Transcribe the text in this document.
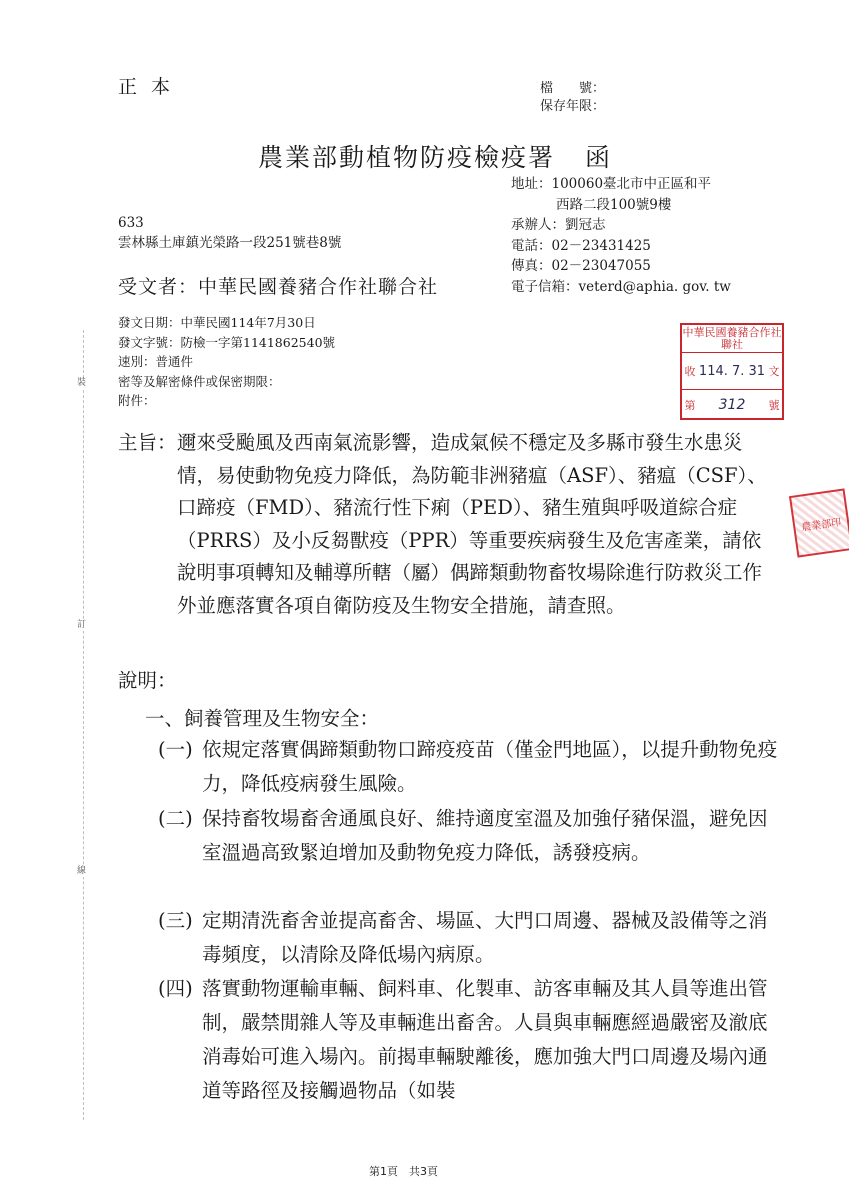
正本	檔　　號：
保存年限：
農業部動植物防疫檢疫署 函
地址：100060臺北市中正區和平
西路二段100號9樓
承辦人：劉冠志
電話：02－23431425
傳真：02－23047055
電子信箱：veterd@aphia. gov. tw
633
雲林縣土庫鎮光榮路一段251號巷8號
受文者：中華民國養豬合作社聯合社
發文日期：中華民國114年7月30日
發文字號：防檢一字第1141862540號
速別：普通件
密等及解密條件或保密期限：
附件：
中華民國養豬合作社聯社
收 114. 7. 31 文
第	312	號
農業部印
裝
訂
線
主旨： 邇來受颱風及西南氣流影響，造成氣候不穩定及多縣市發生水患災情，易使動物免疫力降低，為防範非洲豬瘟（ASF）、豬瘟（CSF）、口蹄疫（FMD）、豬流行性下痢（PED）、豬生殖與呼吸道綜合症（PRRS）及小反芻獸疫（PPR）等重要疾病發生及危害產業，請依說明事項轉知及輔導所轄（屬）偶蹄類動物畜牧場除進行防救災工作外並應落實各項自衛防疫及生物安全措施，請查照。
說明：
一、飼養管理及生物安全：
(一) 依規定落實偶蹄類動物口蹄疫疫苗（僅金門地區），以提升動物免疫力，降低疫病發生風險。
(二) 保持畜牧場畜舍通風良好、維持適度室溫及加強仔豬保溫，避免因室溫過高致緊迫增加及動物免疫力降低，誘發疫病。
(三) 定期清洗畜舍並提高畜舍、場區、大門口周邊、器械及設備等之消毒頻度，以清除及降低場內病原。
(四) 落實動物運輸車輛、飼料車、化製車、訪客車輛及其人員等進出管制，嚴禁閒雜人等及車輛進出畜舍。人員與車輛應經過嚴密及澈底消毒始可進入場內。前揭車輛駛離後，應加強大門口周邊及場內通道等路徑及接觸過物品（如裝
第1頁　共3頁
